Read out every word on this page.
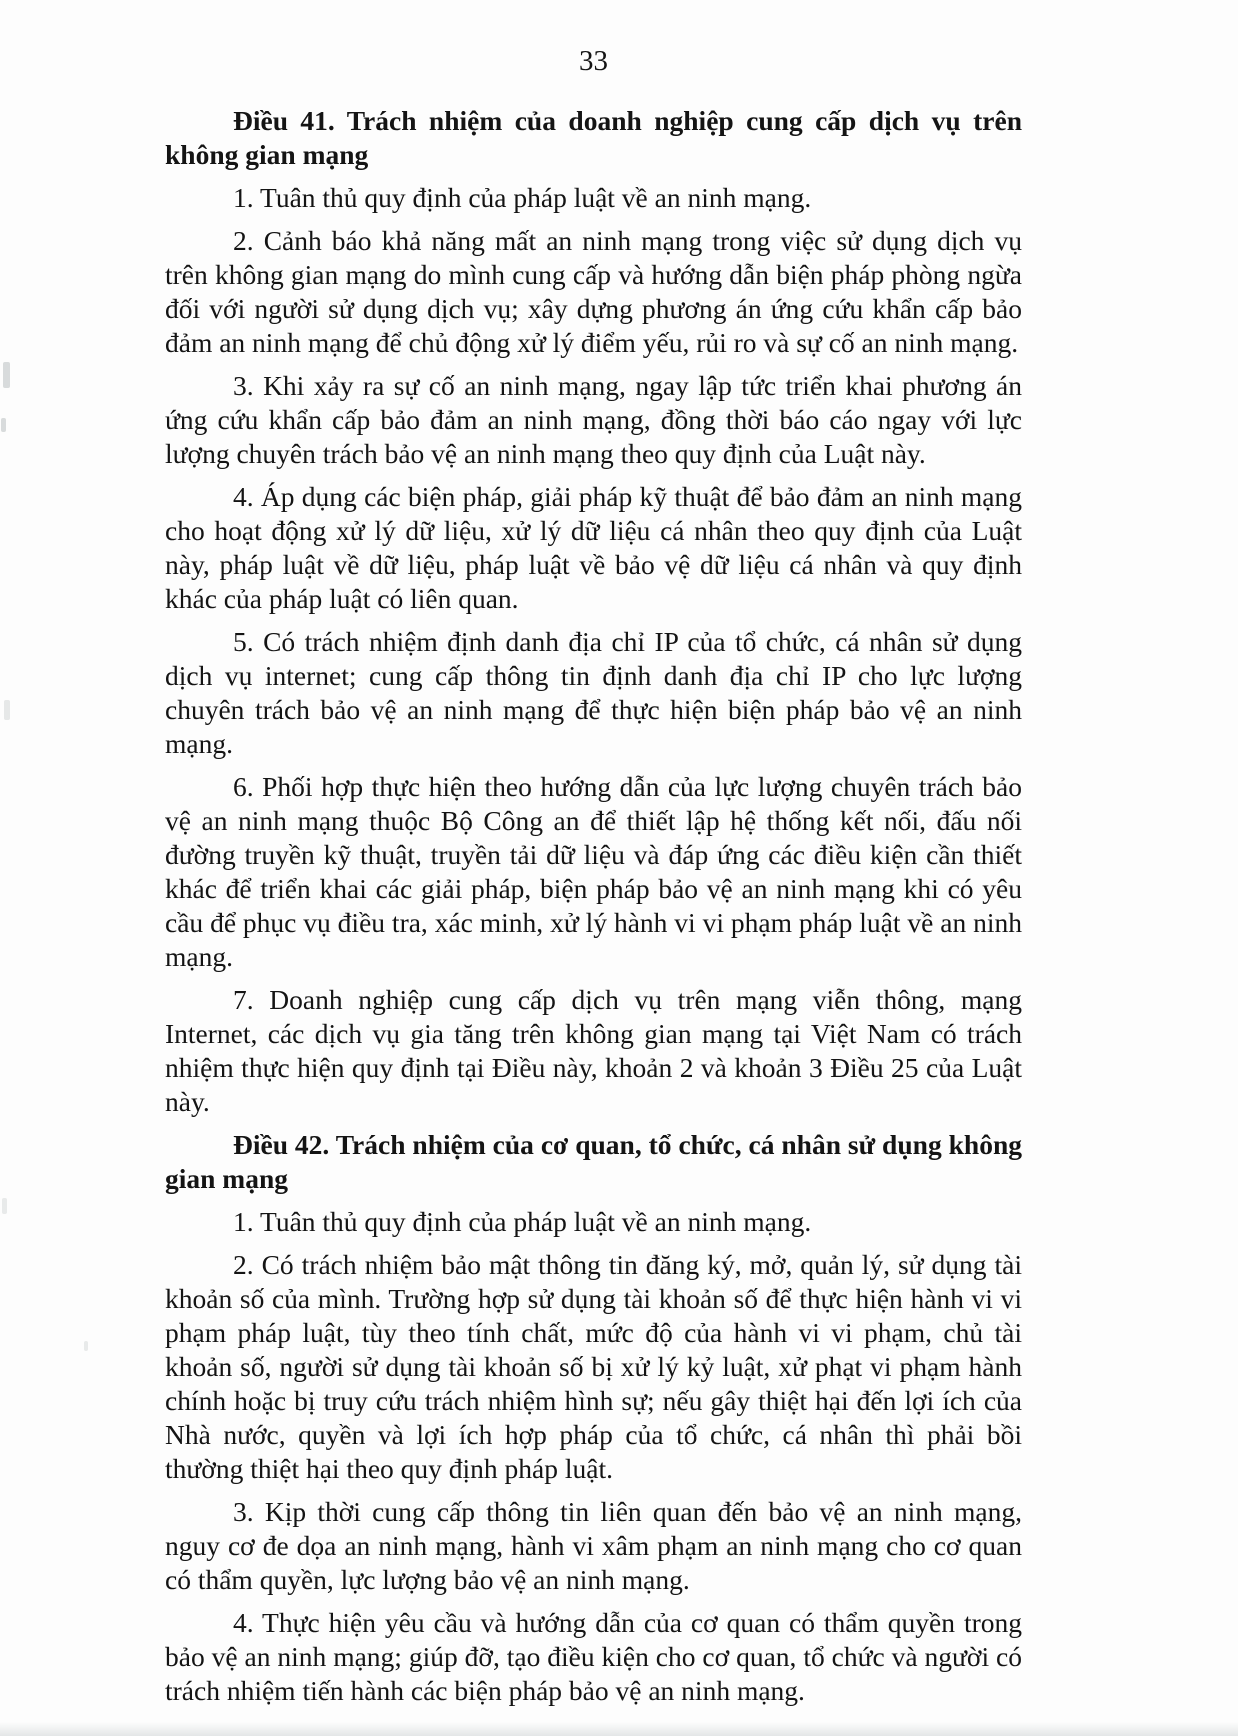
33

Điều 41. Trách nhiệm của doanh nghiệp cung cấp dịch vụ trên không gian mạng

1. Tuân thủ quy định của pháp luật về an ninh mạng.

2. Cảnh báo khả năng mất an ninh mạng trong việc sử dụng dịch vụ trên không gian mạng do mình cung cấp và hướng dẫn biện pháp phòng ngừa đối với người sử dụng dịch vụ; xây dựng phương án ứng cứu khẩn cấp bảo đảm an ninh mạng để chủ động xử lý điểm yếu, rủi ro và sự cố an ninh mạng.

3. Khi xảy ra sự cố an ninh mạng, ngay lập tức triển khai phương án ứng cứu khẩn cấp bảo đảm an ninh mạng, đồng thời báo cáo ngay với lực lượng chuyên trách bảo vệ an ninh mạng theo quy định của Luật này.

4. Áp dụng các biện pháp, giải pháp kỹ thuật để bảo đảm an ninh mạng cho hoạt động xử lý dữ liệu, xử lý dữ liệu cá nhân theo quy định của Luật này, pháp luật về dữ liệu, pháp luật về bảo vệ dữ liệu cá nhân và quy định khác của pháp luật có liên quan.

5. Có trách nhiệm định danh địa chỉ IP của tổ chức, cá nhân sử dụng dịch vụ internet; cung cấp thông tin định danh địa chỉ IP cho lực lượng chuyên trách bảo vệ an ninh mạng để thực hiện biện pháp bảo vệ an ninh mạng.

6. Phối hợp thực hiện theo hướng dẫn của lực lượng chuyên trách bảo vệ an ninh mạng thuộc Bộ Công an để thiết lập hệ thống kết nối, đấu nối đường truyền kỹ thuật, truyền tải dữ liệu và đáp ứng các điều kiện cần thiết khác để triển khai các giải pháp, biện pháp bảo vệ an ninh mạng khi có yêu cầu để phục vụ điều tra, xác minh, xử lý hành vi vi phạm pháp luật về an ninh mạng.

7. Doanh nghiệp cung cấp dịch vụ trên mạng viễn thông, mạng Internet, các dịch vụ gia tăng trên không gian mạng tại Việt Nam có trách nhiệm thực hiện quy định tại Điều này, khoản 2 và khoản 3 Điều 25 của Luật này.

Điều 42. Trách nhiệm của cơ quan, tổ chức, cá nhân sử dụng không gian mạng

1. Tuân thủ quy định của pháp luật về an ninh mạng.

2. Có trách nhiệm bảo mật thông tin đăng ký, mở, quản lý, sử dụng tài khoản số của mình. Trường hợp sử dụng tài khoản số để thực hiện hành vi vi phạm pháp luật, tùy theo tính chất, mức độ của hành vi vi phạm, chủ tài khoản số, người sử dụng tài khoản số bị xử lý kỷ luật, xử phạt vi phạm hành chính hoặc bị truy cứu trách nhiệm hình sự; nếu gây thiệt hại đến lợi ích của Nhà nước, quyền và lợi ích hợp pháp của tổ chức, cá nhân thì phải bồi thường thiệt hại theo quy định pháp luật.

3. Kịp thời cung cấp thông tin liên quan đến bảo vệ an ninh mạng, nguy cơ đe dọa an ninh mạng, hành vi xâm phạm an ninh mạng cho cơ quan có thẩm quyền, lực lượng bảo vệ an ninh mạng.

4. Thực hiện yêu cầu và hướng dẫn của cơ quan có thẩm quyền trong bảo vệ an ninh mạng; giúp đỡ, tạo điều kiện cho cơ quan, tổ chức và người có trách nhiệm tiến hành các biện pháp bảo vệ an ninh mạng.
